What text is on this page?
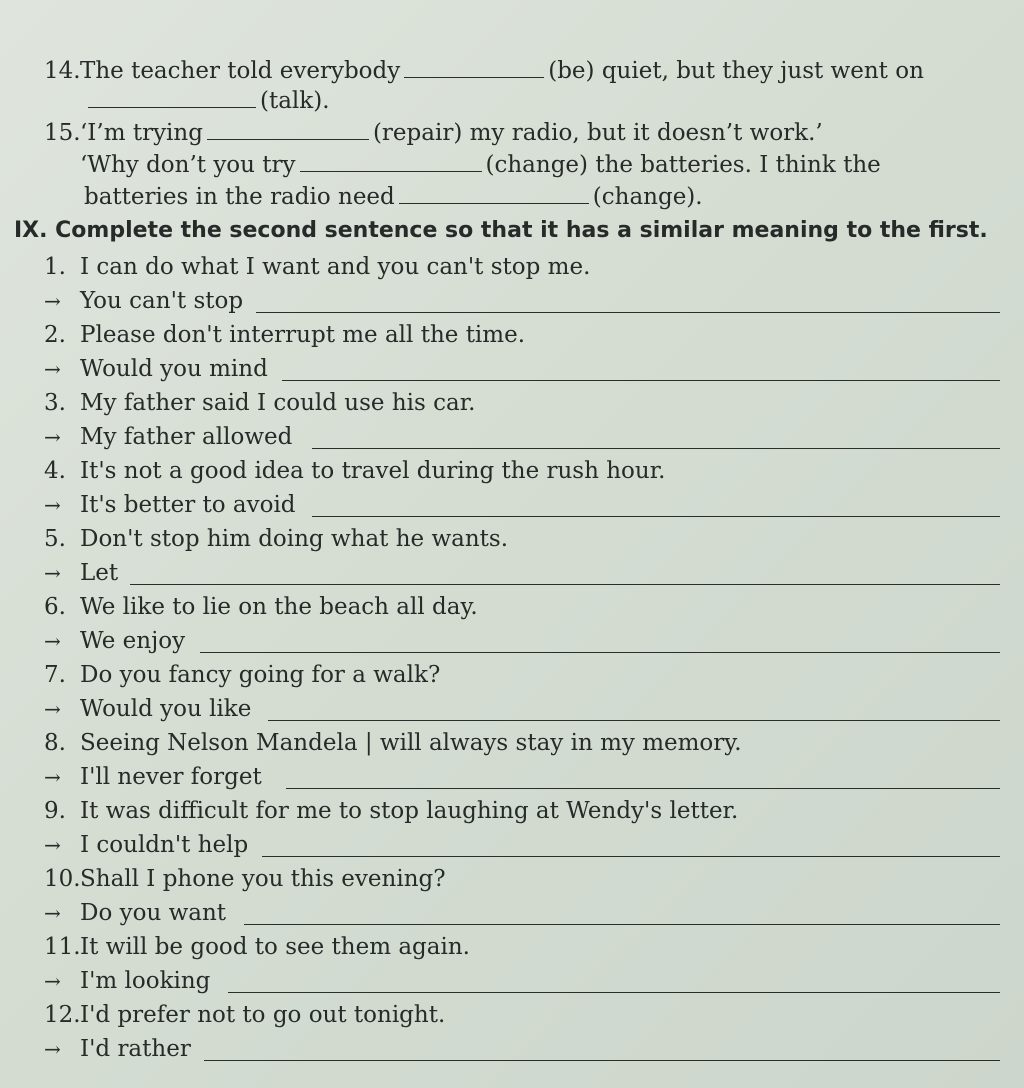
14.The teacher told everybody	(be) quiet, but they just went on
(talk).
15.‘I’m trying	(repair) my radio, but it doesn’t work.’
‘Why don’t you try	(change) the batteries. I think the
batteries in the radio need	(change).
IX. Complete the second sentence so that it has a similar meaning to the first.
1. I can do what I want and you can't stop me.
→ You can't stop
2. Please don't interrupt me all the time.
→ Would you mind
3. My father said I could use his car.
→ My father allowed
4. It's not a good idea to travel during the rush hour.
→ It's better to avoid
5. Don't stop him doing what he wants.
→ Let
6. We like to lie on the beach all day.
→ We enjoy
7. Do you fancy going for a walk?
→ Would you like
8. Seeing Nelson Mandela | will always stay in my memory.
→ I'll never forget
9. It was difficult for me to stop laughing at Wendy's letter.
→ I couldn't help
10.Shall I phone you this evening?
→ Do you want
11.It will be good to see them again.
→ I'm looking
12.I'd prefer not to go out tonight.
→ I'd rather
